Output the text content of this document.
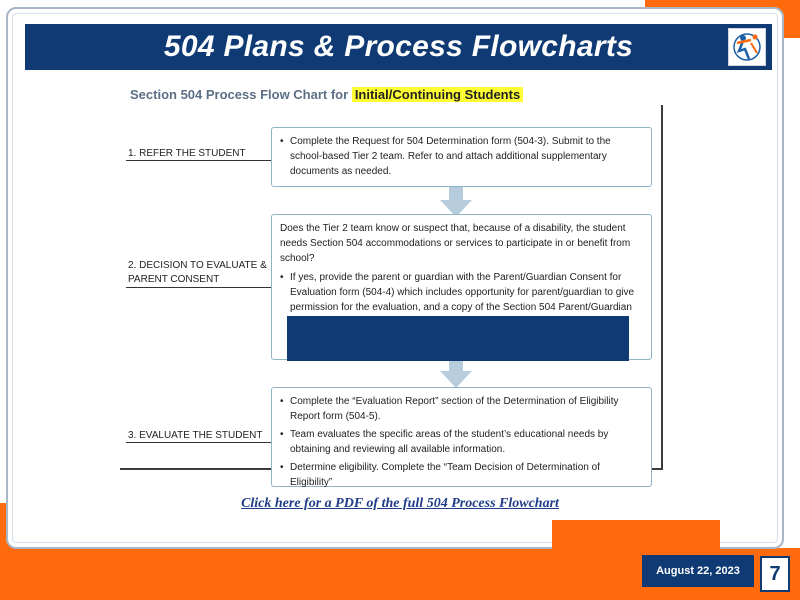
504 Plans & Process Flowcharts
Section 504 Process Flow Chart for Initial/Continuing Students
1. REFER THE STUDENT
• Complete the Request for 504 Determination form (504-3). Submit to the school-based Tier 2 team. Refer to and attach additional supplementary documents as needed.
2. DECISION TO EVALUATE &
PARENT CONSENT
Does the Tier 2 team know or suspect that, because of a disability, the student needs Section 504 accommodations or services to participate in or benefit from school?
• If yes, provide the parent or guardian with the Parent/Guardian Consent for Evaluation form (504-4) which includes opportunity for parent/guardian to give permission for the evaluation, and a copy of the Section 504 Parent/Guardian
3. EVALUATE THE STUDENT
• Complete the “Evaluation Report” section of the Determination of Eligibility Report form (504-5).
• Team evaluates the specific areas of the student’s educational needs by obtaining and reviewing all available information.
• Determine eligibility. Complete the “Team Decision of Determination of Eligibility”
Click here for a PDF of the full 504 Process Flowchart
August 22, 2023	7
